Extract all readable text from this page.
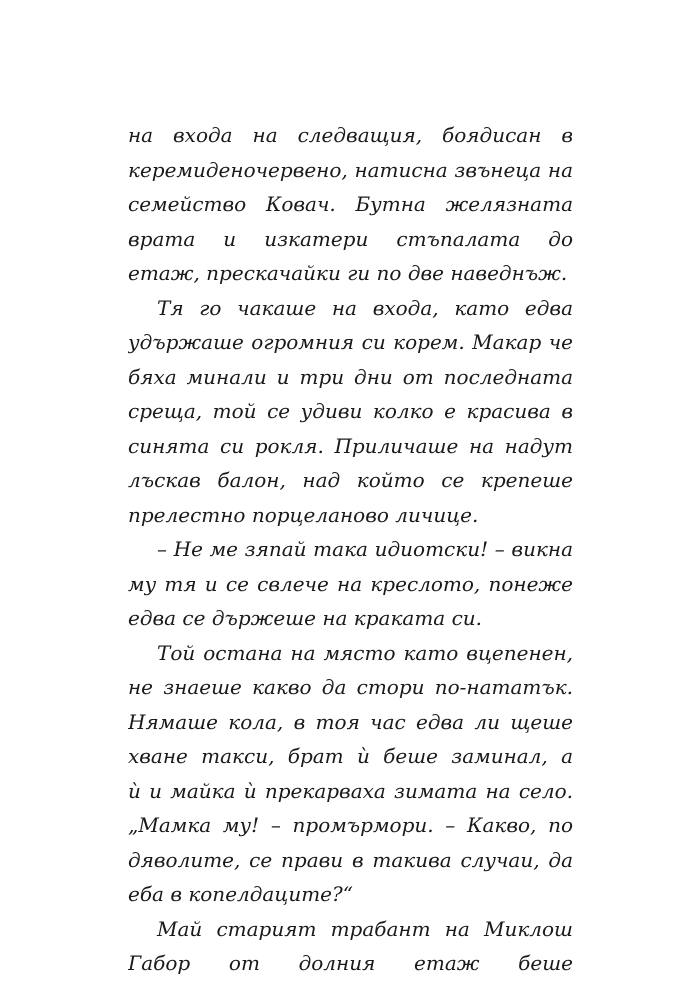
на входа на следващия, боядисан в
керемиденочервено, натисна звънеца на
семейство Ковач. Бутна желязната
врата и изкатери стъпалата до
етаж, прескачайки ги по две наведнъж.
Тя го чакаше на входа, като едва
удържаше огромния си корем. Макар че
бяха минали и три дни от последната
среща, той се удиви колко е красива в
синята си рокля. Приличаше на надут
лъскав балон, над който се крепеше
прелестно порцеланово личице.
– Не ме зяпай така идиотски! – викна
му тя и се свлече на креслото, понеже
едва се държеше на краката си.
Той остана на място като вцепенен,
не знаеше какво да стори по-нататък.
Нямаше кола, в тоя час едва ли щеше
хване такси, брат ѝ беше заминал, а
ѝ и майка ѝ прекарваха зимата на село.
„Мамка му! – промърмори. – Какво, по
дяволите, се прави в такива случаи, да
еба в копелдаците?“
Май старият трабант на Миклош
Габор от долния етаж беше
